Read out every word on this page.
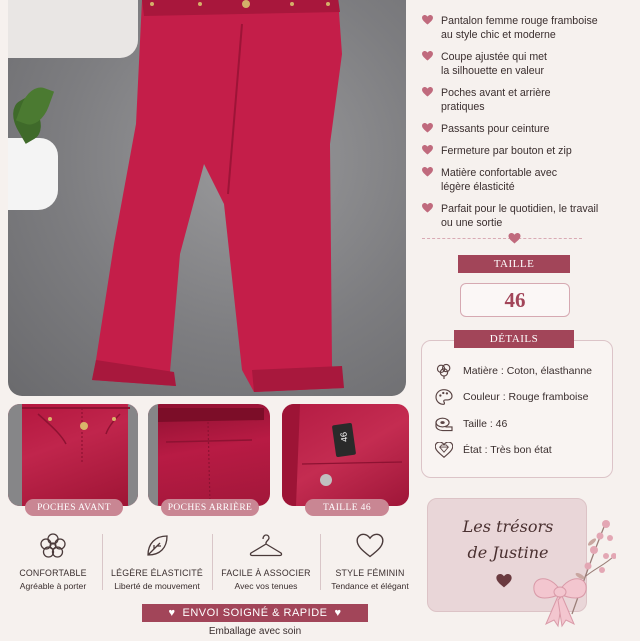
Pantalon femme rouge framboise
au style chic et moderne
Coupe ajustée qui met
la silhouette en valeur
Poches avant et arrière
pratiques
Passants pour ceinture
Fermeture par bouton et zip
Matière confortable avec
légère élasticité
Parfait pour le quotidien, le travail
ou une sortie
TAILLE
46
Matière : Coton, élasthanne
Couleur : Rouge framboise
Taille : 46
État : Très bon état
DÉTAILS
46
POCHES AVANT	POCHES ARRIÈRE	TAILLE 46
CONFORTABLE
Agréable à porter
LÉGÈRE ÉLASTICITÉ
Liberté de mouvement
FACILE À ASSOCIER
Avec vos tenues
STYLE FÉMININ
Tendance et élégant
♥ ENVOI SOIGNÉ & RAPIDE ♥
Emballage avec soin
Les trésors
de Justine
